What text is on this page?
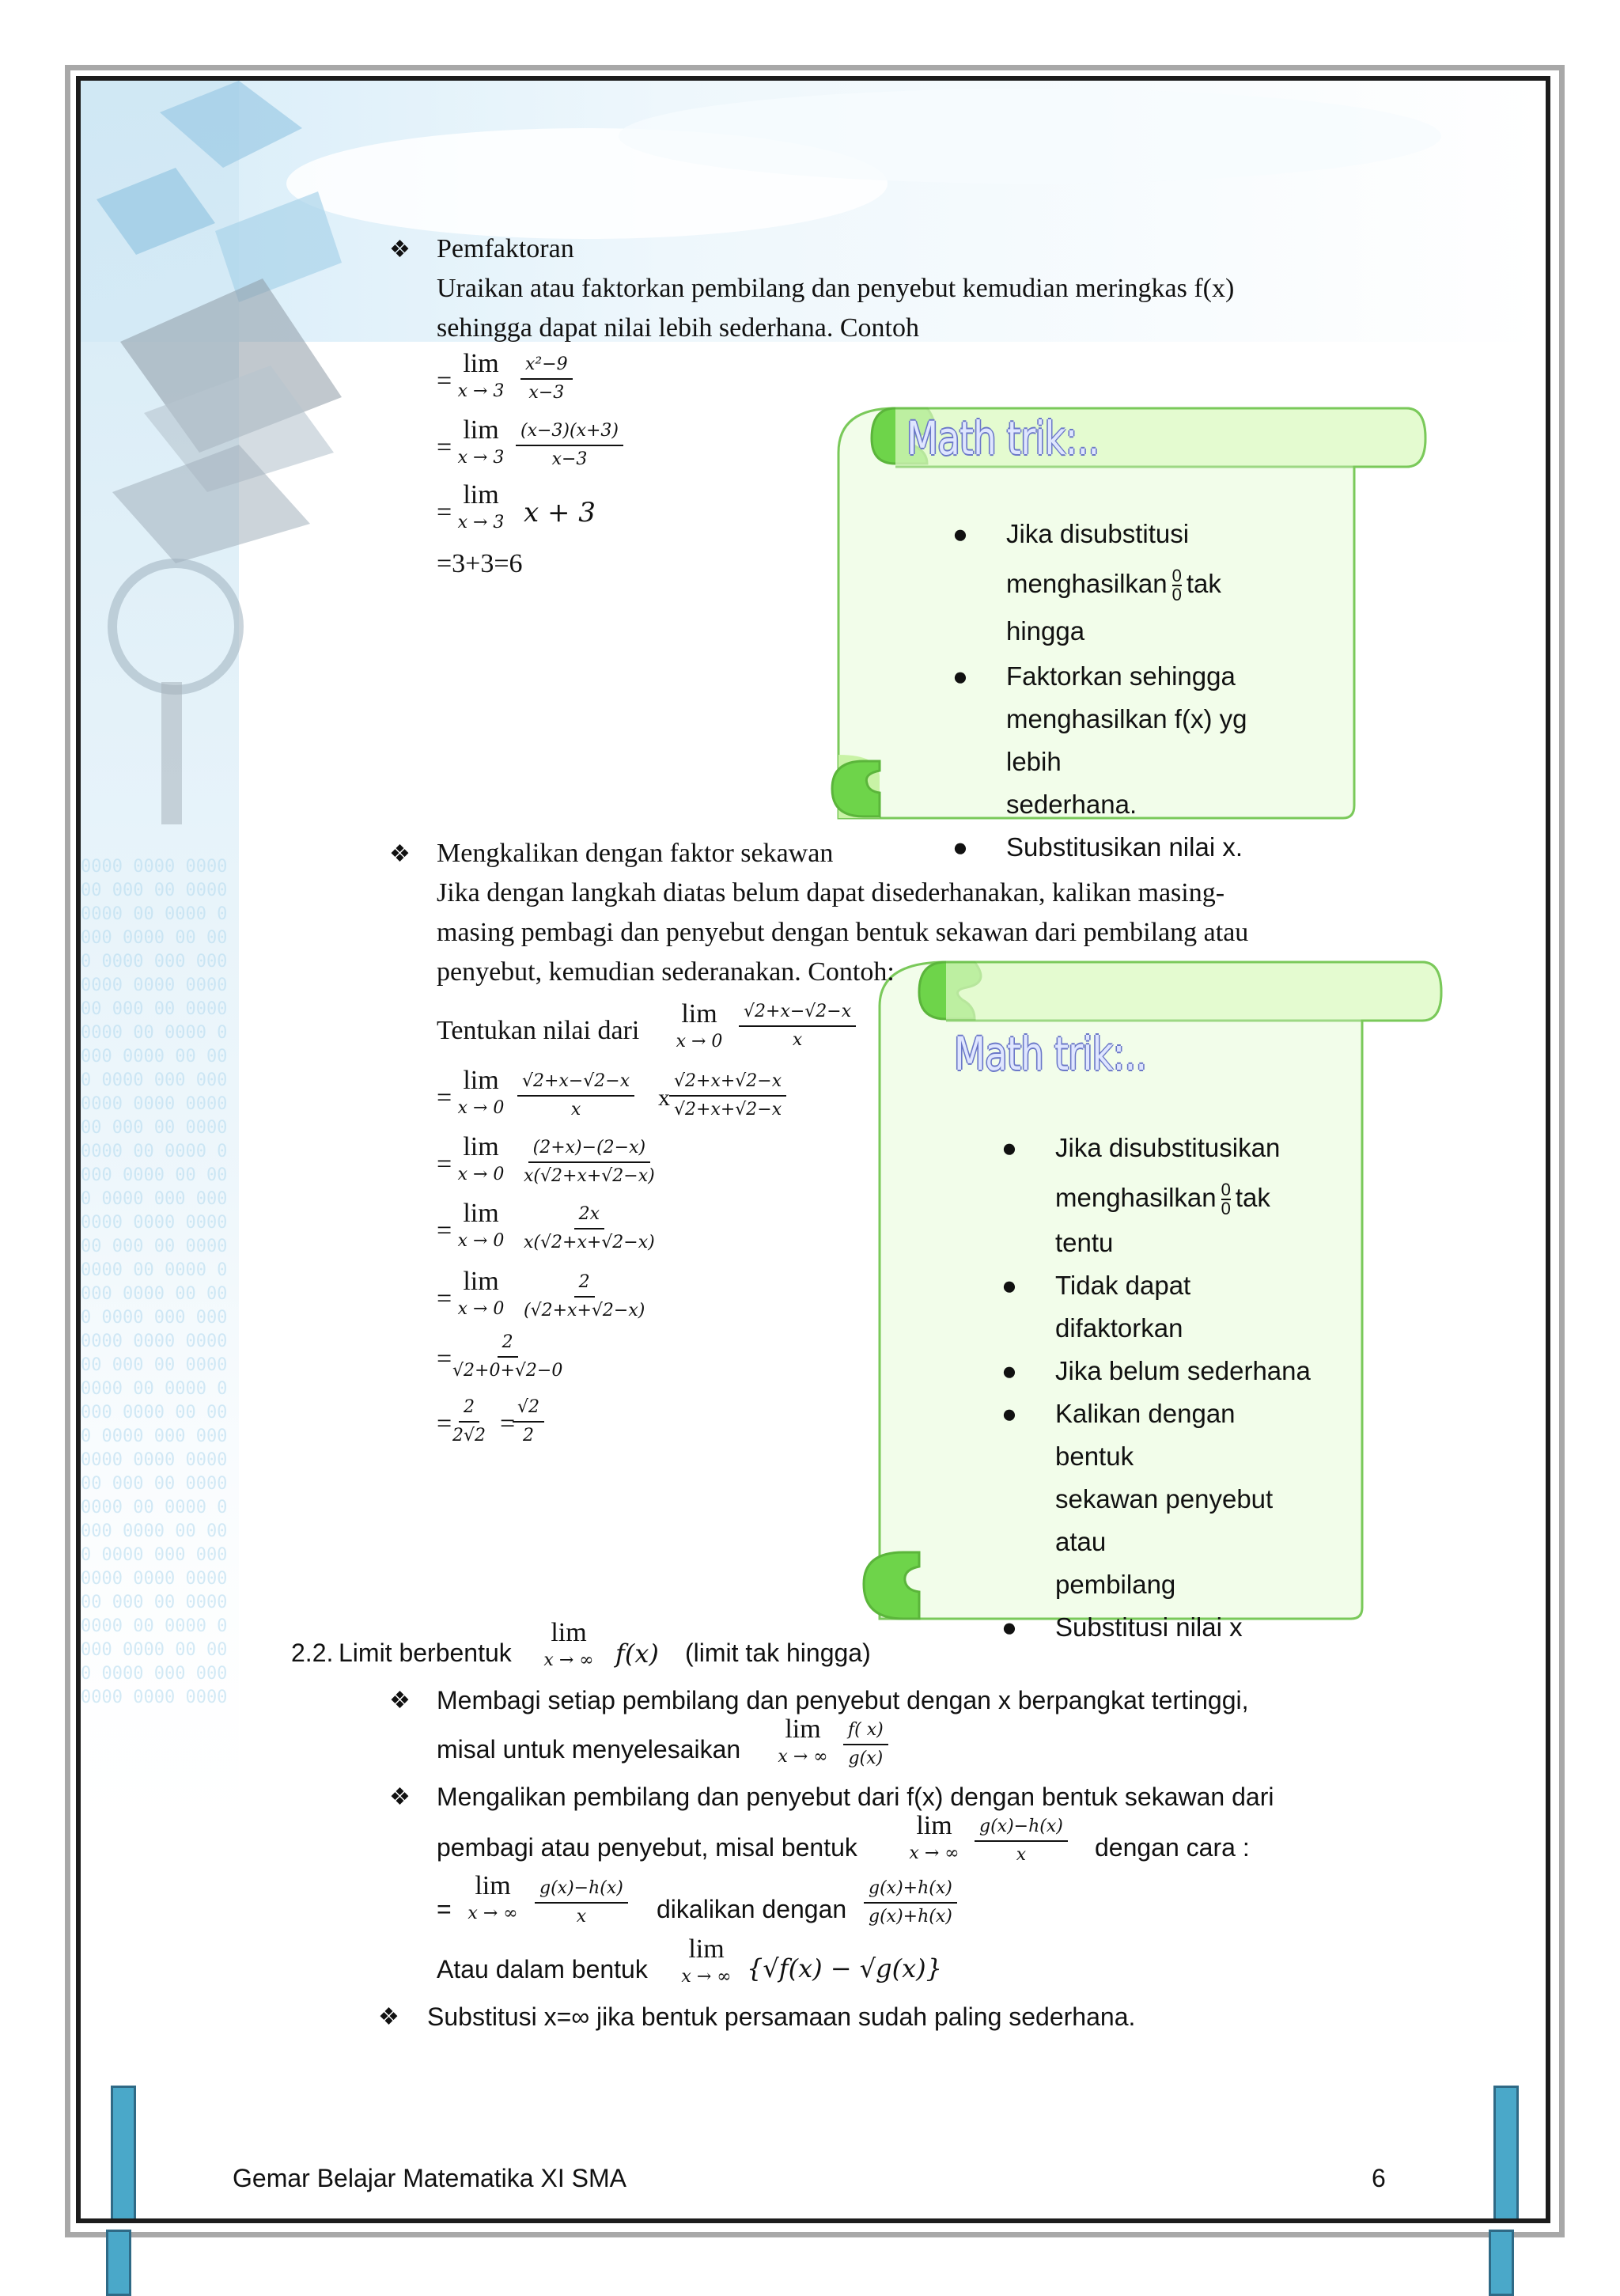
0000 0000 0000
00 000 00 0000
0000 00 0000 0
000 0000 00 00
0 0000 000 000
0000 0000 0000
00 000 00 0000
0000 00 0000 0
000 0000 00 00
0 0000 000 000
0000 0000 0000
00 000 00 0000
0000 00 0000 0
000 0000 00 00
0 0000 000 000
0000 0000 0000
00 000 00 0000
0000 00 0000 0
000 0000 00 00
0 0000 000 000
0000 0000 0000
00 000 00 0000
0000 00 0000 0
000 0000 00 00
0 0000 000 000
0000 0000 0000
00 000 00 0000
0000 00 0000 0
000 0000 00 00
0 0000 000 000
0000 0000 0000
00 000 00 0000
0000 00 0000 0
000 0000 00 00
0 0000 000 000
0000 0000 0000
❖ Pemfaktoran
Uraikan atau faktorkan pembilang dan penyebut kemudian meringkas f(x)
sehingga dapat nilai lebih sederhana. Contoh
=
lim
$x \to 3 \frac{\text{x²−9}}{x-3}$
=
lim
$x \to 3 \frac{(x-3)(x+3)}{x-3}$
=
lim
x → 3 x + 3
=3+3=6
Math trik:..
● Jika disubstitusi
menghasilkan $\frac{0}{0}$ tak hingga
● Faktorkan sehingga
menghasilkan f(x) yg lebih
sederhana.
● Substitusikan nilai x.
❖ Mengkalikan dengan faktor sekawan
Jika dengan langkah diatas belum dapat disederhanakan, kalikan masing-
masing pembagi dan penyebut dengan bentuk sekawan dari pembilang atau
penyebut, kemudian sederanakan. Contoh:
Tentukan nilai dari
lim
$x \to 0 \frac{√2+x-√2-x}{x}$
=
lim
$x \to 0 \frac{√2+x-√2-x}{x}$ x $\frac{√2+x+√2-x}{√2+x+√2-x}$
=
lim
$x \to 0 \frac{(2+x)-(2-x)}{x(√2+x+√2-x)}$
=
lim
$x \to 0 \frac{2x}{x(√2+x+√2-x)}$
=
lim
$x \to 0 \frac{2}{(√2+x+√2-x)}$
=
$\frac{2}{√2+0+√2-0}$
=
$\frac{2}{2√2}$ =
$\frac{√2}{2}$
Math trik:..
● Jika disubstitusikan
menghasilkan $\frac{0}{0}$ tak
tentu
● Tidak dapat difaktorkan
● Jika belum sederhana
● Kalikan dengan bentuk
sekawan penyebut atau
pembilang
● Substitusi nilai x
2.2. Limit berbentuk
lim
x → ∞ f(x) (limit tak hingga)
❖ Membagi setiap pembilang dan penyebut dengan x berpangkat tertinggi,
misal untuk menyelesaikan
lim
x → ∞ $\frac{f( x)}{g(x)}$
❖ Mengalikan pembilang dan penyebut dari f(x) dengan bentuk sekawan dari
pembagi atau penyebut, misal bentuk
lim
x → ∞ $\frac{g(x)-h(x)}{x}$ dengan cara :
=
lim
x → ∞ $\frac{g(x)-h(x)}{x}$ dikalikan dengan $\frac{g(x)+h(x)}{g(x)+h(x)}$
Atau dalam bentuk
lim
x → ∞ {√f(x) − √g(x)}
❖ Substitusi x=∞ jika bentuk persamaan sudah paling sederhana.
Gemar Belajar Matematika XI SMA	6
